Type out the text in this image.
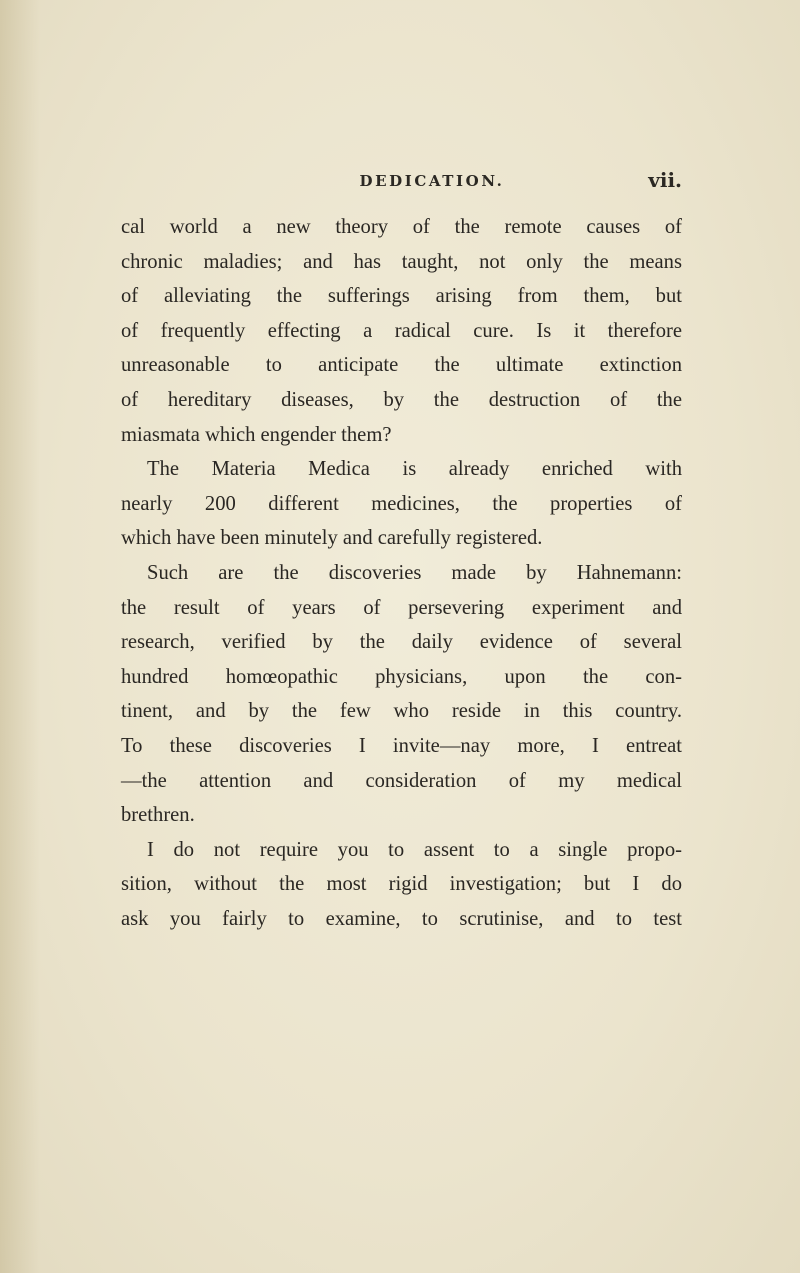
DEDICATION.	vii.
cal world a new theory of the remote causes of
chronic maladies; and has taught, not only the means
of alleviating the sufferings arising from them, but
of frequently effecting a radical cure. Is it therefore
unreasonable to anticipate the ultimate extinction
of hereditary diseases, by the destruction of the
miasmata which engender them?
The Materia Medica is already enriched with
nearly 200 different medicines, the properties of
which have been minutely and carefully registered.
Such are the discoveries made by Hahnemann:
the result of years of persevering experiment and
research, verified by the daily evidence of several
hundred homœopathic physicians, upon the con-
tinent, and by the few who reside in this country.
To these discoveries I invite—nay more, I entreat
—the attention and consideration of my medical
brethren.
I do not require you to assent to a single propo-
sition, without the most rigid investigation; but I do
ask you fairly to examine, to scrutinise, and to test
